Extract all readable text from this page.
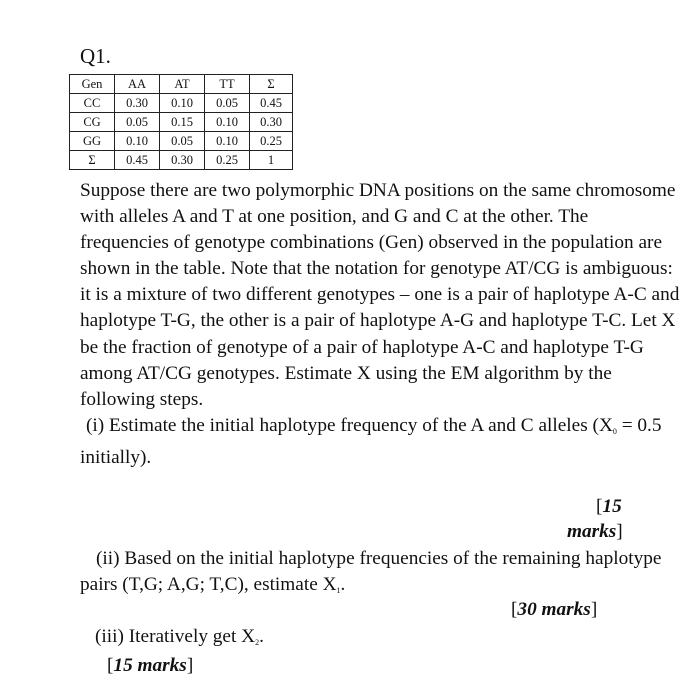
Q1.
Gen	AA	AT	TT	Σ
CC	0.30	0.10	0.05	0.45
CG	0.05	0.15	0.10	0.30
GG	0.10	0.05	0.10	0.25
Σ	0.45	0.30	0.25	1

Suppose there are two polymorphic DNA positions on the same chromosome with alleles A and T at one position, and G and C at the other. The frequencies of genotype combinations (Gen) observed in the population are shown in the table. Note that the notation for genotype AT/CG is ambiguous: it is a mixture of two different genotypes – one is a pair of haplotype A-C and haplotype T-G, the other is a pair of haplotype A-G and haplotype T-C. Let X be the fraction of genotype of a pair of haplotype A-C and haplotype T-G among AT/CG genotypes. Estimate X using the EM algorithm by the following steps.

(i) Estimate the initial haplotype frequency of the A and C alleles ($X_0 = 0.5$ initially).

[15
marks]

(ii) Based on the initial haplotype frequencies of the remaining haplotype pairs (T,G; A,G; T,C), estimate $X_1$.

[30 marks]
(iii) Iteratively get $X_2$.
[15 marks]
